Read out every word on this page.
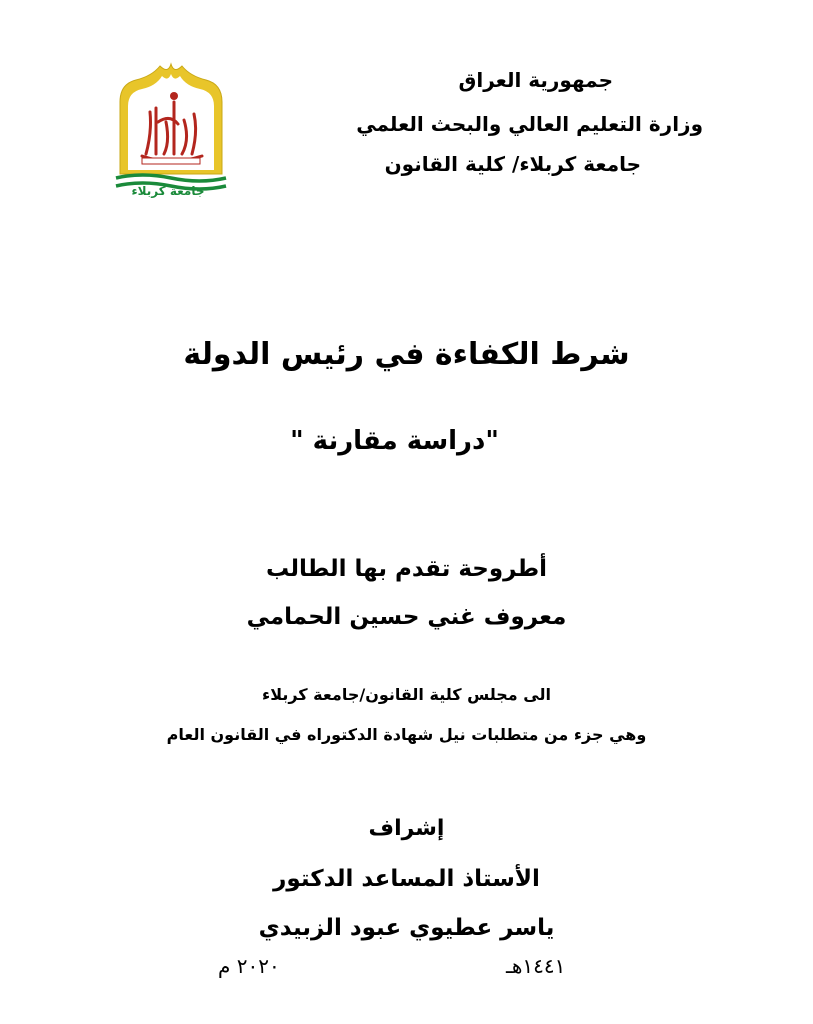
جامعة كربلاء
جمهورية العراق
وزارة التعليم العالي والبحث العلمي
جامعة كربلاء/ كلية القانون
شرط الكفاءة في رئيس الدولة
"دراسة مقارنة "
أطروحة تقدم بها الطالب
معروف غني حسين الحمامي
الى مجلس كلية القانون/جامعة كربلاء
وهي جزء من متطلبات نيل شهادة الدكتوراه في القانون العام
إشراف
الأستاذ المساعد الدكتور
ياسر عطيوي عبود الزبيدي
١٤٤١هـ
٢٠٢٠ م
